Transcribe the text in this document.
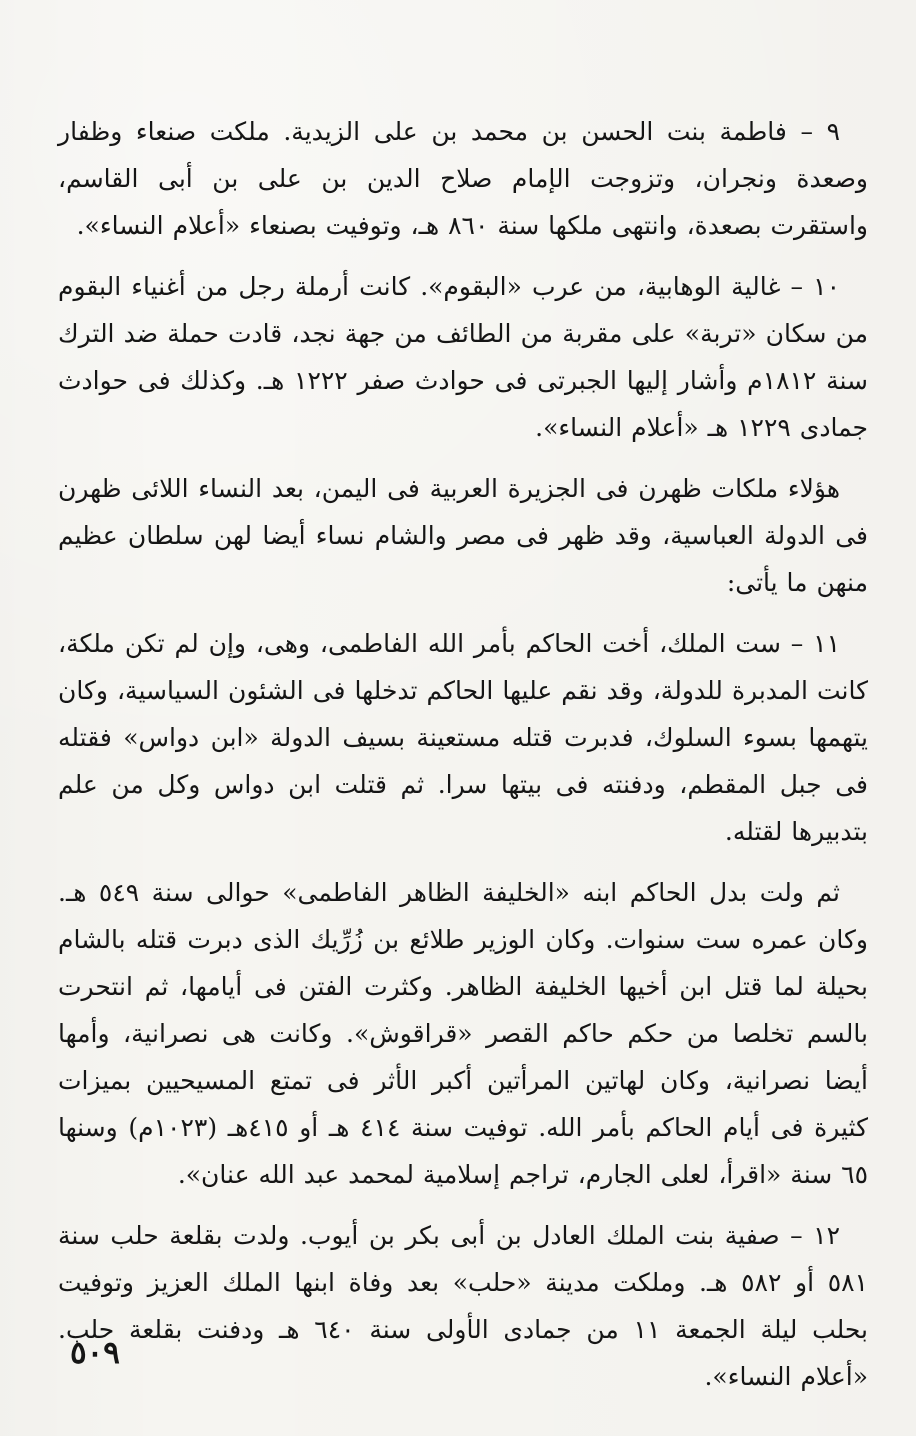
٩ – فاطمة بنت الحسن بن محمد بن على الزيدية. ملكت صنعاء وظفار وصعدة ونجران، وتزوجت الإمام صلاح الدين بن على بن أبى القاسم، واستقرت بصعدة، وانتهى ملكها سنة ٨٦٠ هـ، وتوفيت بصنعاء «أعلام النساء».

١٠ – غالية الوهابية، من عرب «البقوم». كانت أرملة رجل من أغنياء البقوم من سكان «تربة» على مقربة من الطائف من جهة نجد، قادت حملة ضد الترك سنة ١٨١٢م وأشار إليها الجبرتى فى حوادث صفر ١٢٢٢ هـ. وكذلك فى حوادث جمادى ١٢٢٩ هـ «أعلام النساء».

هؤلاء ملكات ظهرن فى الجزيرة العربية فى اليمن، بعد النساء اللائى ظهرن فى الدولة العباسية، وقد ظهر فى مصر والشام نساء أيضا لهن سلطان عظيم منهن ما يأتى:

١١ – ست الملك، أخت الحاكم بأمر الله الفاطمى، وهى، وإن لم تكن ملكة، كانت المدبرة للدولة، وقد نقم عليها الحاكم تدخلها فى الشئون السياسية، وكان يتهمها بسوء السلوك، فدبرت قتله مستعينة بسيف الدولة «ابن دواس» فقتله فى جبل المقطم، ودفنته فى بيتها سرا. ثم قتلت ابن دواس وكل من علم بتدبيرها لقتله.

ثم ولت بدل الحاكم ابنه «الخليفة الظاهر الفاطمى» حوالى سنة ٥٤٩ هـ. وكان عمره ست سنوات. وكان الوزير طلائع بن زُرِّيك الذى دبرت قتله بالشام بحيلة لما قتل ابن أخيها الخليفة الظاهر. وكثرت الفتن فى أيامها، ثم انتحرت بالسم تخلصا من حكم حاكم القصر «قراقوش». وكانت هى نصرانية، وأمها أيضا نصرانية، وكان لهاتين المرأتين أكبر الأثر فى تمتع المسيحيين بميزات كثيرة فى أيام الحاكم بأمر الله. توفيت سنة ٤١٤ هـ أو ٤١٥هـ (١٠٢٣م) وسنها ٦٥ سنة «اقرأ، لعلى الجارم، تراجم إسلامية لمحمد عبد الله عنان».

١٢ – صفية بنت الملك العادل بن أبى بكر بن أيوب. ولدت بقلعة حلب سنة ٥٨١ أو ٥٨٢ هـ. وملكت مدينة «حلب» بعد وفاة ابنها الملك العزيز وتوفيت بحلب ليلة الجمعة ١١ من جمادى الأولى سنة ٦٤٠ هـ ودفنت بقلعة حلب. «أعلام النساء».

٥٠٩
